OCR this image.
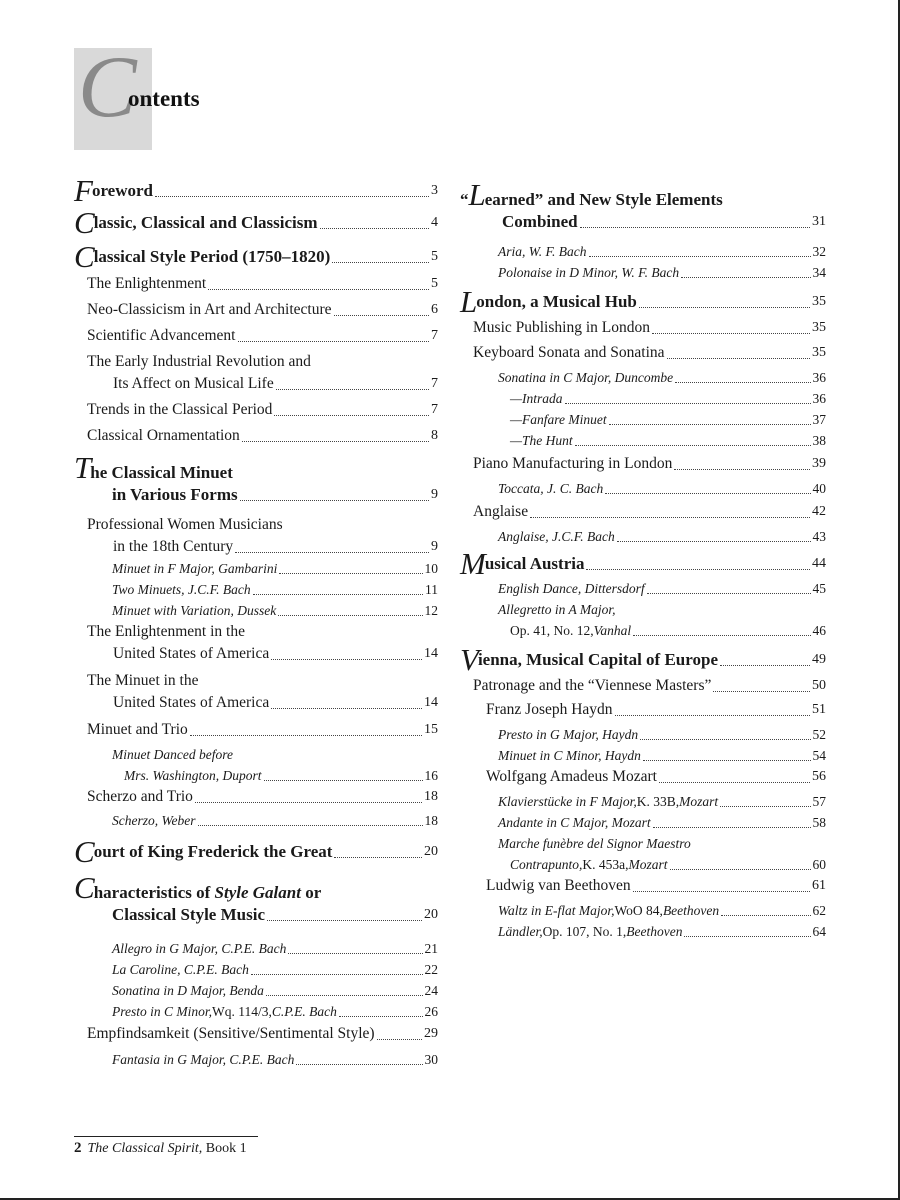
C
ontents
F oreword	3
C lassic, Classical and Classicism	4
C lassical Style Period (1750–1820)	5
The Enlightenment	5
Neo-Classicism in Art and Architecture	6
Scientific Advancement	7
The Early Industrial Revolution and
Its Affect on Musical Life	7
Trends in the Classical Period	7
Classical Ornamentation	8
The Classical Minuet
in Various Forms	9
Professional Women Musicians
in the 18th Century	9
Minuet in F Major, Gambarini	10
Two Minuets, J.C.F. Bach	11
Minuet with Variation, Dussek	12
The Enlightenment in the
United States of America	14
The Minuet in the
United States of America	14
Minuet and Trio	15
Minuet Danced before
Mrs. Washington, Duport	16
Scherzo and Trio	18
Scherzo, Weber	18
C ourt of King Frederick the Great	20
Characteristics of Style Galant or
Classical Style Music	20
Allegro in G Major, C.P.E. Bach	21
La Caroline, C.P.E. Bach	22
Sonatina in D Major, Benda	24
Presto in C Minor, Wq. 114/3, C.P.E. Bach	26
Empfindsamkeit (Sensitive/Sentimental Style)	29
Fantasia in G Major, C.P.E. Bach	30
“Learned” and New Style Elements
Combined	31
Aria, W. F. Bach	32
Polonaise in D Minor, W. F. Bach	34
L ondon, a Musical Hub	35
Music Publishing in London	35
Keyboard Sonata and Sonatina	35
Sonatina in C Major, Duncombe	36
—Intrada	36
—Fanfare Minuet	37
—The Hunt	38
Piano Manufacturing in London	39
Toccata, J. C. Bach	40
Anglaise	42
Anglaise, J.C.F. Bach	43
M usical Austria	44
English Dance, Dittersdorf	45
Allegretto in A Major,
Op. 41, No. 12, Vanhal	46
V ienna, Musical Capital of Europe	49
Patronage and the “Viennese Masters”	50
Franz Joseph Haydn	51
Presto in G Major, Haydn	52
Minuet in C Minor, Haydn	54
Wolfgang Amadeus Mozart	56
Klavierstücke in F Major, K. 33B, Mozart	57
Andante in C Major, Mozart	58
Marche funèbre del Signor Maestro
Contrapunto, K. 453a, Mozart	60
Ludwig van Beethoven	61
Waltz in E-flat Major, WoO 84, Beethoven	62
Ländler, Op. 107, No. 1, Beethoven	64
2 The Classical Spirit, Book 1
